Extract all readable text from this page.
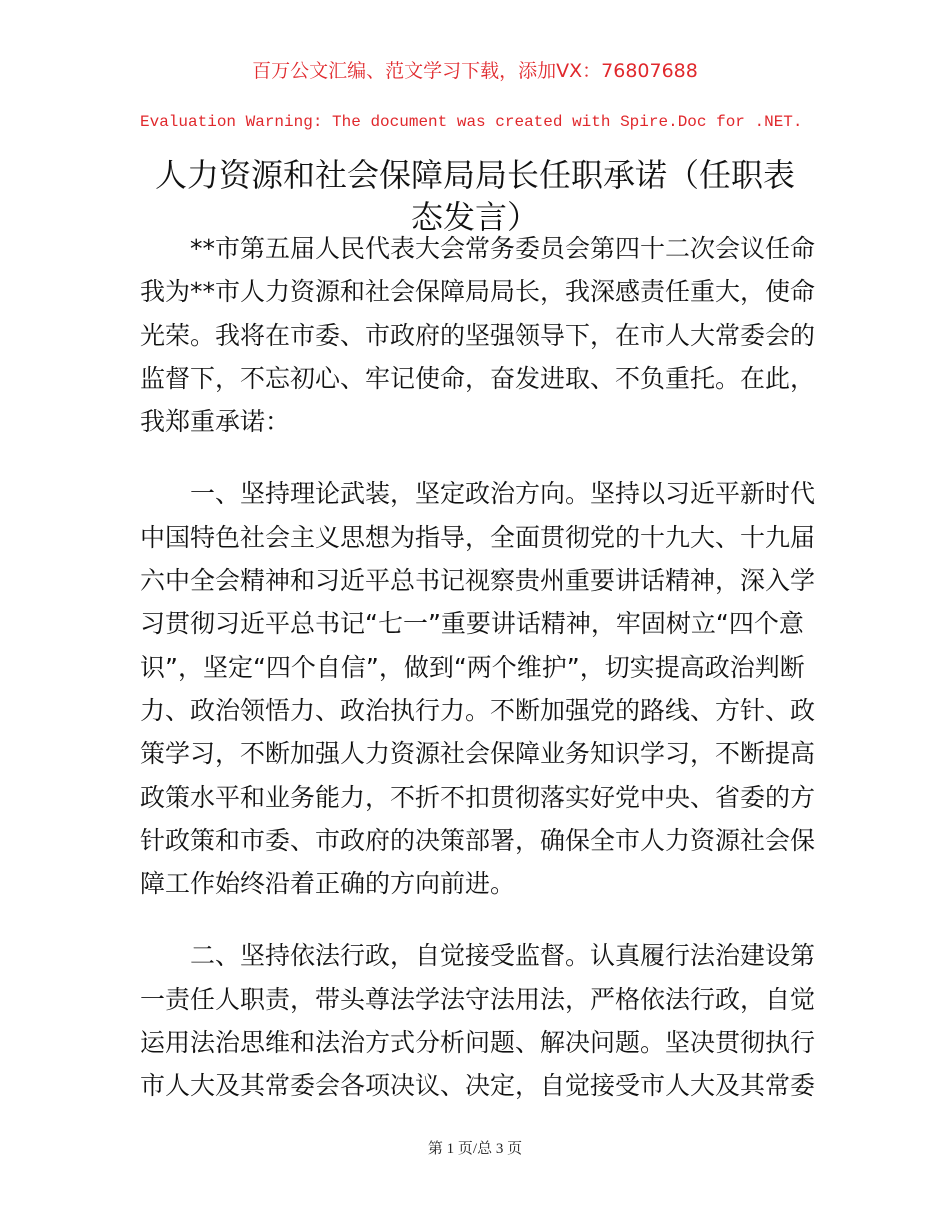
百万公文汇编、范文学习下载，添加VX：76807688
Evaluation Warning: The document was created with Spire.Doc for .NET.
人力资源和社会保障局局长任职承诺（任职表
态发言）
　　**市第五届人民代表大会常务委员会第四十二次会议任命
我为**市人力资源和社会保障局局长，我深感责任重大，使命
光荣。我将在市委、市政府的坚强领导下，在市人大常委会的
监督下，不忘初心、牢记使命，奋发进取、不负重托。在此，
我郑重承诺：
　　一、坚持理论武装，坚定政治方向。坚持以习近平新时代
中国特色社会主义思想为指导，全面贯彻党的十九大、十九届
六中全会精神和习近平总书记视察贵州重要讲话精神，深入学
习贯彻习近平总书记“七一”重要讲话精神，牢固树立“四个意
识”，坚定“四个自信”，做到“两个维护”，切实提高政治判断
力、政治领悟力、政治执行力。不断加强党的路线、方针、政
策学习，不断加强人力资源社会保障业务知识学习，不断提高
政策水平和业务能力，不折不扣贯彻落实好党中央、省委的方
针政策和市委、市政府的决策部署，确保全市人力资源社会保
障工作始终沿着正确的方向前进。
　　二、坚持依法行政，自觉接受监督。认真履行法治建设第
一责任人职责，带头尊法学法守法用法，严格依法行政，自觉
运用法治思维和法治方式分析问题、解决问题。坚决贯彻执行
市人大及其常委会各项决议、决定，自觉接受市人大及其常委
第 1 页/总 3 页
